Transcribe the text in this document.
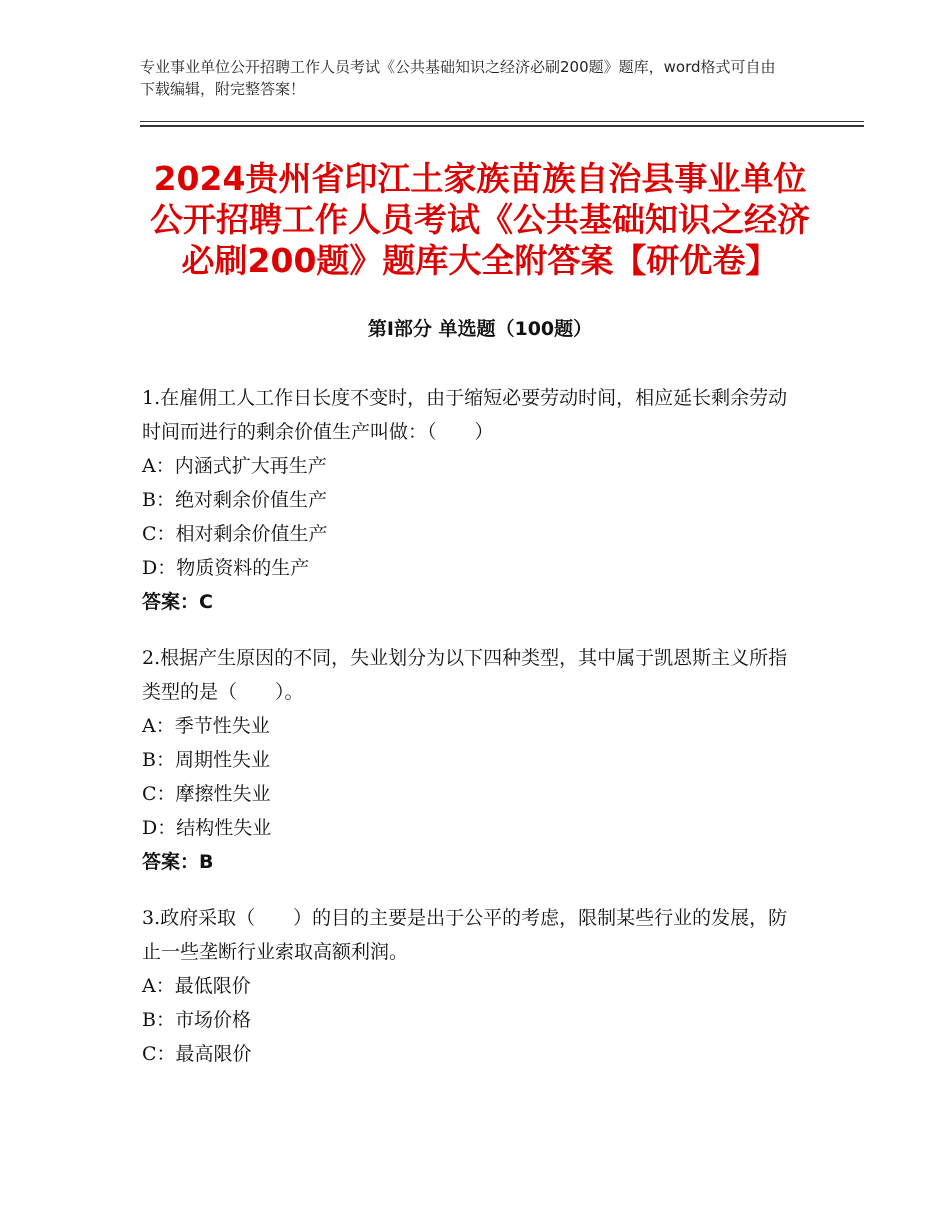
专业事业单位公开招聘工作人员考试《公共基础知识之经济必刷200题》题库，word格式可自由下载编辑，附完整答案！
2024贵州省印江土家族苗族自治县事业单位公开招聘工作人员考试《公共基础知识之经济必刷200题》题库大全附答案【研优卷】
第Ⅰ部分 单选题（100题）

1.在雇佣工人工作日长度不变时，由于缩短必要劳动时间，相应延长剩余劳动时间而进行的剩余价值生产叫做：（　　）

A：内涵式扩大再生产

B：绝对剩余价值生产

C：相对剩余价值生产

D：物质资料的生产

答案：C

2.根据产生原因的不同，失业划分为以下四种类型，其中属于凯恩斯主义所指类型的是（　　）。

A：季节性失业

B：周期性失业

C：摩擦性失业

D：结构性失业

答案：B

3.政府采取（　　）的目的主要是出于公平的考虑，限制某些行业的发展，防止一些垄断行业索取高额利润。

A：最低限价

B：市场价格

C：最高限价
